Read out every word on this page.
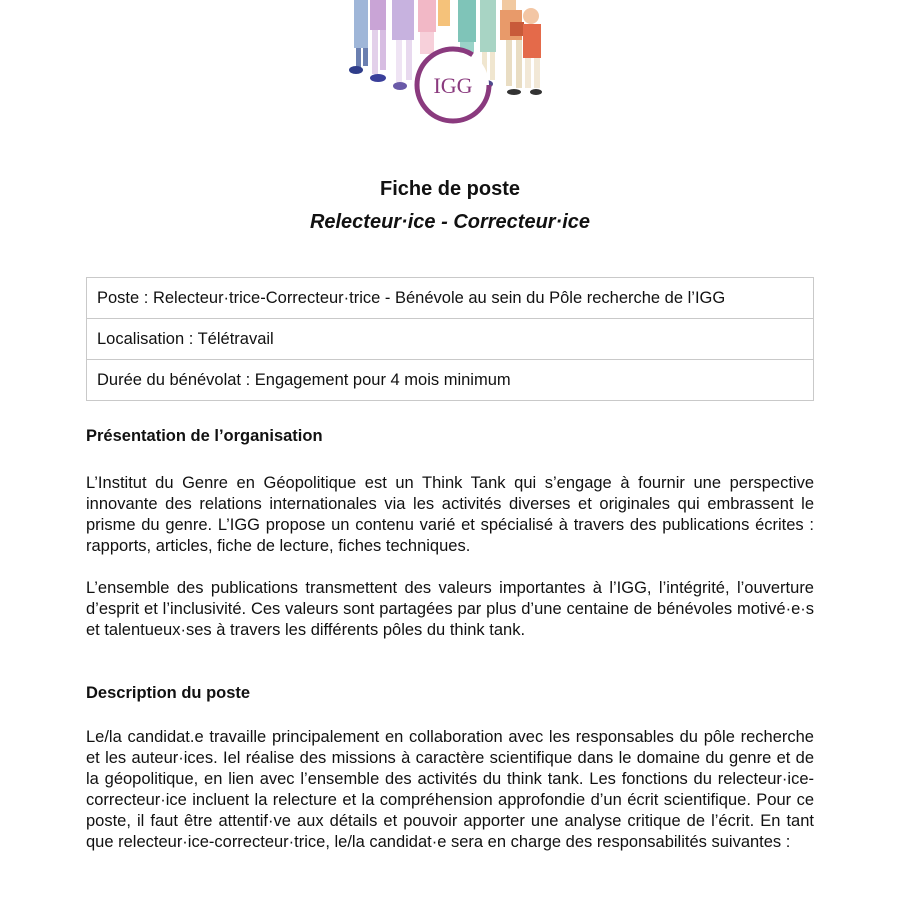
IGG
Fiche de poste
Relecteur·ice - Correcteur·ice
Poste : Relecteur·trice-Correcteur·trice - Bénévole au sein du Pôle recherche de l’IGG
Localisation : Télétravail
Durée du bénévolat : Engagement pour 4 mois minimum
Présentation de l’organisation

L’Institut du Genre en Géopolitique est un Think Tank qui s’engage à fournir une perspective innovante des relations internationales via les activités diverses et originales qui embrassent le prisme du genre. L’IGG propose un contenu varié et spécialisé à travers des publications écrites : rapports, articles, fiche de lecture, fiches techniques.

L’ensemble des publications transmettent des valeurs importantes à l’IGG, l’intégrité, l’ouverture d’esprit et l’inclusivité. Ces valeurs sont partagées par plus d’une centaine de bénévoles motivé·e·s et talentueux·ses à travers les différents pôles du think tank.

Description du poste

Le/la candidat.e travaille principalement en collaboration avec les responsables du pôle recherche et les auteur·ices. Iel réalise des missions à caractère scientifique dans le domaine du genre et de la géopolitique, en lien avec l’ensemble des activités du think tank. Les fonctions du relecteur·ice-correcteur·ice incluent la relecture et la compréhension approfondie d’un écrit scientifique. Pour ce poste, il faut être attentif·ve aux détails et pouvoir apporter une analyse critique de l’écrit. En tant que relecteur·ice-correcteur·trice, le/la candidat·e sera en charge des responsabilités suivantes :
